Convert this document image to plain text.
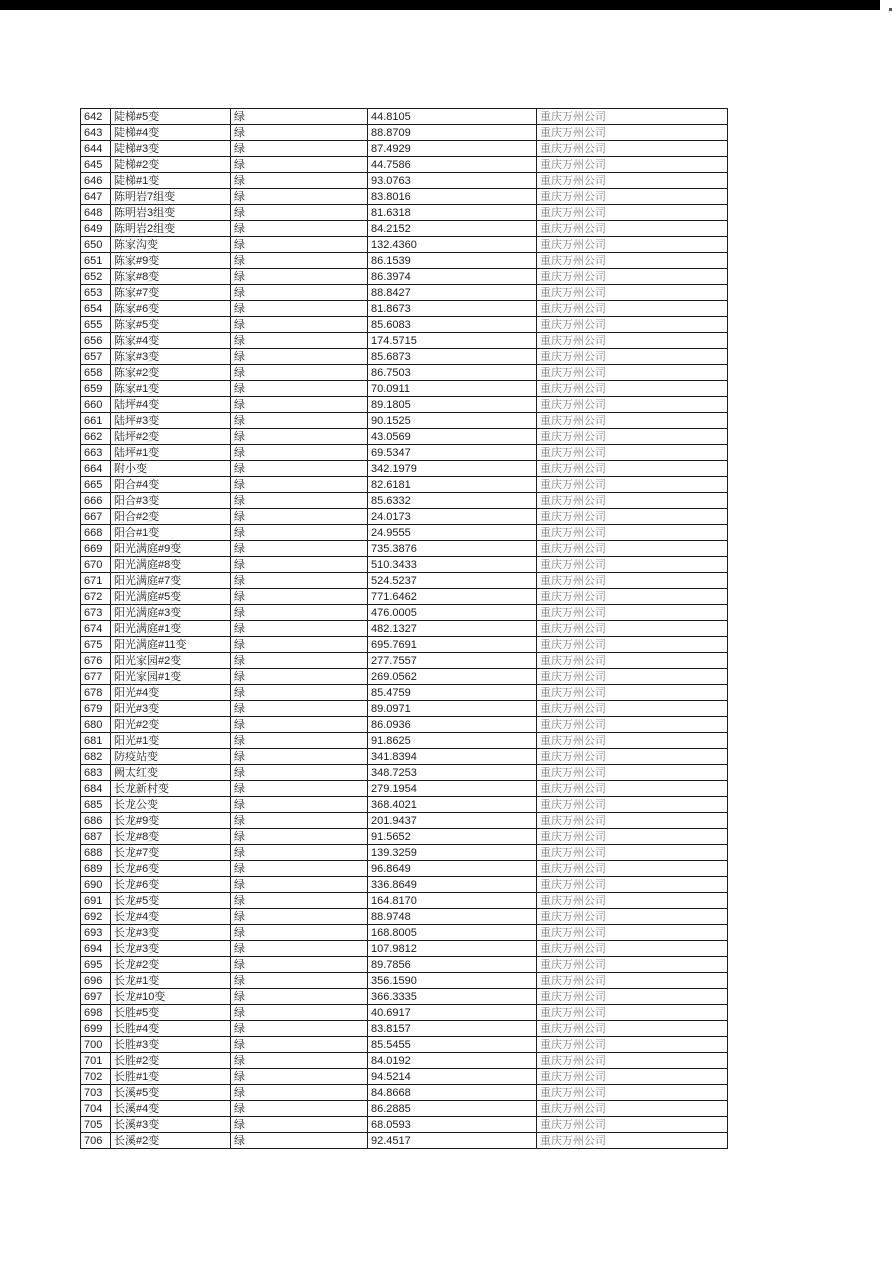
642	陡梯#5变	绿	44.8105	重庆万州公司
643	陡梯#4变	绿	88.8709	重庆万州公司
644	陡梯#3变	绿	87.4929	重庆万州公司
645	陡梯#2变	绿	44.7586	重庆万州公司
646	陡梯#1变	绿	93.0763	重庆万州公司
647	陈明岩7组变	绿	83.8016	重庆万州公司
648	陈明岩3组变	绿	81.6318	重庆万州公司
649	陈明岩2组变	绿	84.2152	重庆万州公司
650	陈家沟变	绿	132.4360	重庆万州公司
651	陈家#9变	绿	86.1539	重庆万州公司
652	陈家#8变	绿	86.3974	重庆万州公司
653	陈家#7变	绿	88.8427	重庆万州公司
654	陈家#6变	绿	81.8673	重庆万州公司
655	陈家#5变	绿	85.6083	重庆万州公司
656	陈家#4变	绿	174.5715	重庆万州公司
657	陈家#3变	绿	85.6873	重庆万州公司
658	陈家#2变	绿	86.7503	重庆万州公司
659	陈家#1变	绿	70.0911	重庆万州公司
660	陆坪#4变	绿	89.1805	重庆万州公司
661	陆坪#3变	绿	90.1525	重庆万州公司
662	陆坪#2变	绿	43.0569	重庆万州公司
663	陆坪#1变	绿	69.5347	重庆万州公司
664	附小变	绿	342.1979	重庆万州公司
665	阳合#4变	绿	82.6181	重庆万州公司
666	阳合#3变	绿	85.6332	重庆万州公司
667	阳合#2变	绿	24.0173	重庆万州公司
668	阳合#1变	绿	24.9555	重庆万州公司
669	阳光满庭#9变	绿	735.3876	重庆万州公司
670	阳光满庭#8变	绿	510.3433	重庆万州公司
671	阳光满庭#7变	绿	524.5237	重庆万州公司
672	阳光满庭#5变	绿	771.6462	重庆万州公司
673	阳光满庭#3变	绿	476.0005	重庆万州公司
674	阳光满庭#1变	绿	482.1327	重庆万州公司
675	阳光满庭#11变	绿	695.7691	重庆万州公司
676	阳光家园#2变	绿	277.7557	重庆万州公司
677	阳光家园#1变	绿	269.0562	重庆万州公司
678	阳光#4变	绿	85.4759	重庆万州公司
679	阳光#3变	绿	89.0971	重庆万州公司
680	阳光#2变	绿	86.0936	重庆万州公司
681	阳光#1变	绿	91.8625	重庆万州公司
682	防疫站变	绿	341.8394	重庆万州公司
683	阙太红变	绿	348.7253	重庆万州公司
684	长龙新村变	绿	279.1954	重庆万州公司
685	长龙公变	绿	368.4021	重庆万州公司
686	长龙#9变	绿	201.9437	重庆万州公司
687	长龙#8变	绿	91.5652	重庆万州公司
688	长龙#7变	绿	139.3259	重庆万州公司
689	长龙#6变	绿	96.8649	重庆万州公司
690	长龙#6变	绿	336.8649	重庆万州公司
691	长龙#5变	绿	164.8170	重庆万州公司
692	长龙#4变	绿	88.9748	重庆万州公司
693	长龙#3变	绿	168.8005	重庆万州公司
694	长龙#3变	绿	107.9812	重庆万州公司
695	长龙#2变	绿	89.7856	重庆万州公司
696	长龙#1变	绿	356.1590	重庆万州公司
697	长龙#10变	绿	366.3335	重庆万州公司
698	长胜#5变	绿	40.6917	重庆万州公司
699	长胜#4变	绿	83.8157	重庆万州公司
700	长胜#3变	绿	85.5455	重庆万州公司
701	长胜#2变	绿	84.0192	重庆万州公司
702	长胜#1变	绿	94.5214	重庆万州公司
703	长溪#5变	绿	84.8668	重庆万州公司
704	长溪#4变	绿	86.2885	重庆万州公司
705	长溪#3变	绿	68.0593	重庆万州公司
706	长溪#2变	绿	92.4517	重庆万州公司
